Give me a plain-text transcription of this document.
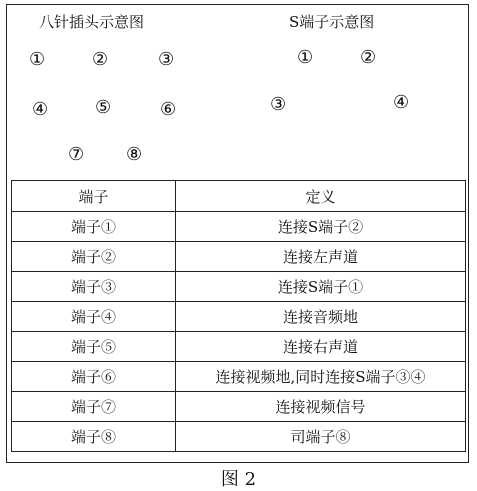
八针插头示意图	S端子示意图
①	②	③
④	⑤	⑥
⑦ ⑧
①	②
③	④
端子	定义
端子①	连接S端子②
端子②	连接左声道
端子③	连接S端子①
端子④	连接音频地
端子⑤	连接右声道
端子⑥	连接视频地,同时连接S端子③④
端子⑦	连接视频信号
端子⑧	司端子⑧
图 2
